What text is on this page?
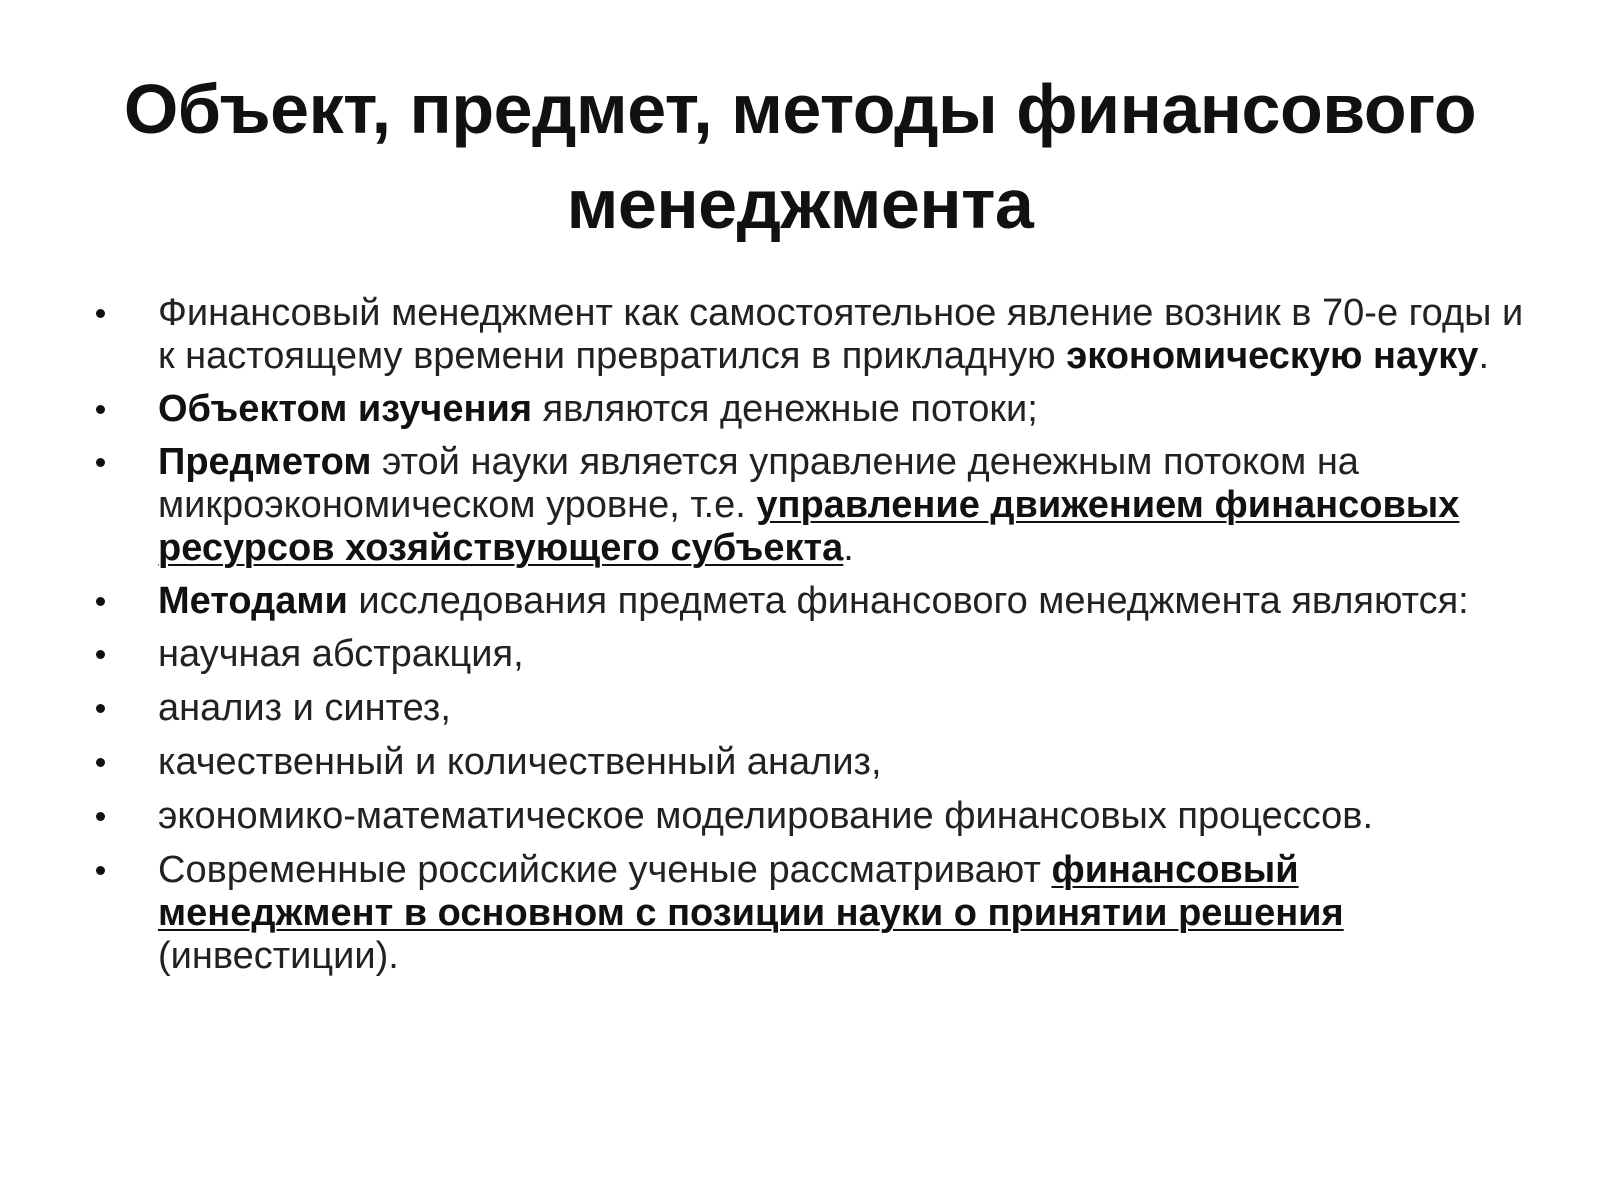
Объект, предмет, методы финансового
менеджмента
Финансовый менеджмент как самостоятельное явление возник в 70-е годы и к настоящему времени превратился в прикладную экономическую науку.
Объектом изучения являются денежные потоки;
Предметом этой науки является управление денежным потоком на микроэкономическом уровне, т.е. управление движением финансовых ресурсов хозяйствующего субъекта.
Методами исследования предмета финансового менеджмента являются:
научная абстракция,
анализ и синтез,
качественный и количественный анализ,
экономико-математическое моделирование финансовых процессов.
Современные российские ученые рассматривают финансовый менеджмент в основном с позиции науки о принятии решения (инвестиции).
